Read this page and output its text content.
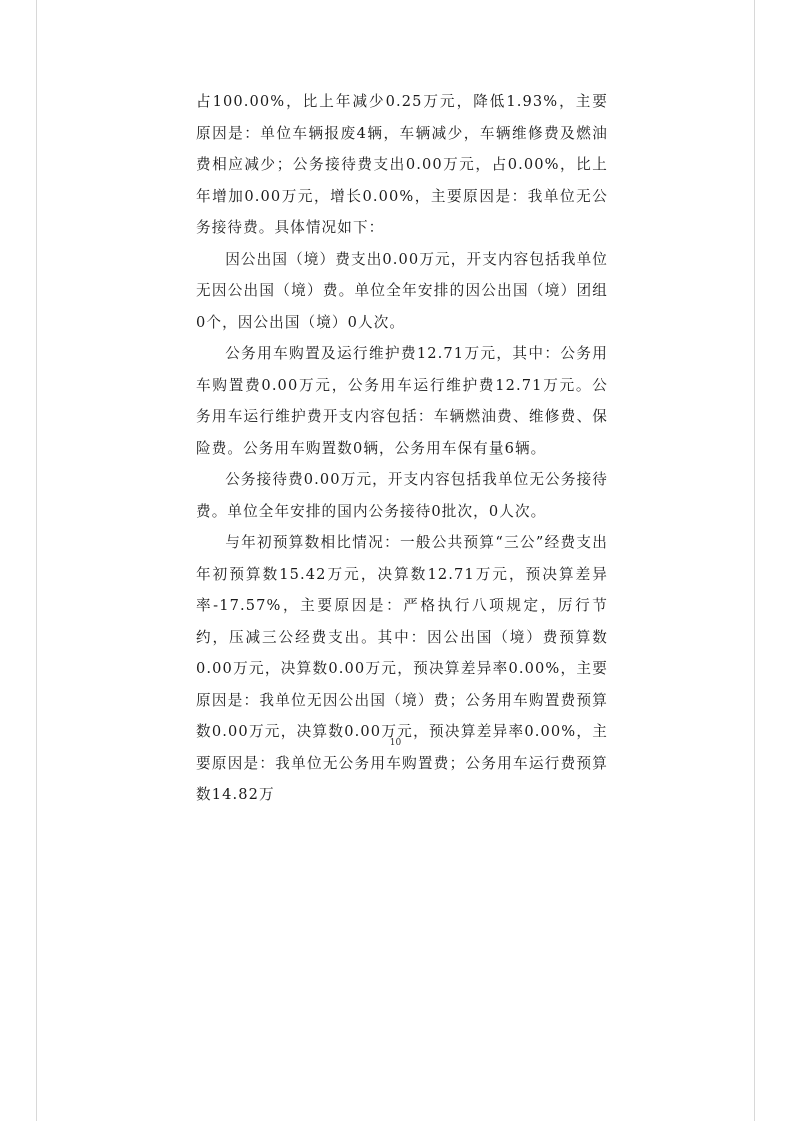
占100.00%，比上年减少0.25万元，降低1.93%，主要原因是：单位车辆报废4辆，车辆减少，车辆维修费及燃油费相应减少；公务接待费支出0.00万元，占0.00%，比上年增加0.00万元，增长0.00%，主要原因是：我单位无公务接待费。具体情况如下：

因公出国（境）费支出0.00万元，开支内容包括我单位无因公出国（境）费。单位全年安排的因公出国（境）团组0个，因公出国（境）0人次。

公务用车购置及运行维护费12.71万元，其中：公务用车购置费0.00万元，公务用车运行维护费12.71万元。公务用车运行维护费开支内容包括：车辆燃油费、维修费、保险费。公务用车购置数0辆，公务用车保有量6辆。

公务接待费0.00万元，开支内容包括我单位无公务接待费。单位全年安排的国内公务接待0批次，0人次。

与年初预算数相比情况：一般公共预算“三公”经费支出年初预算数15.42万元，决算数12.71万元，预决算差异率-17.57%，主要原因是：严格执行八项规定，厉行节约，压减三公经费支出。其中：因公出国（境）费预算数0.00万元，决算数0.00万元，预决算差异率0.00%，主要原因是：我单位无因公出国（境）费；公务用车购置费预算数0.00万元，决算数0.00万元，预决算差异率0.00%，主要原因是：我单位无公务用车购置费；公务用车运行费预算数14.82万

10
